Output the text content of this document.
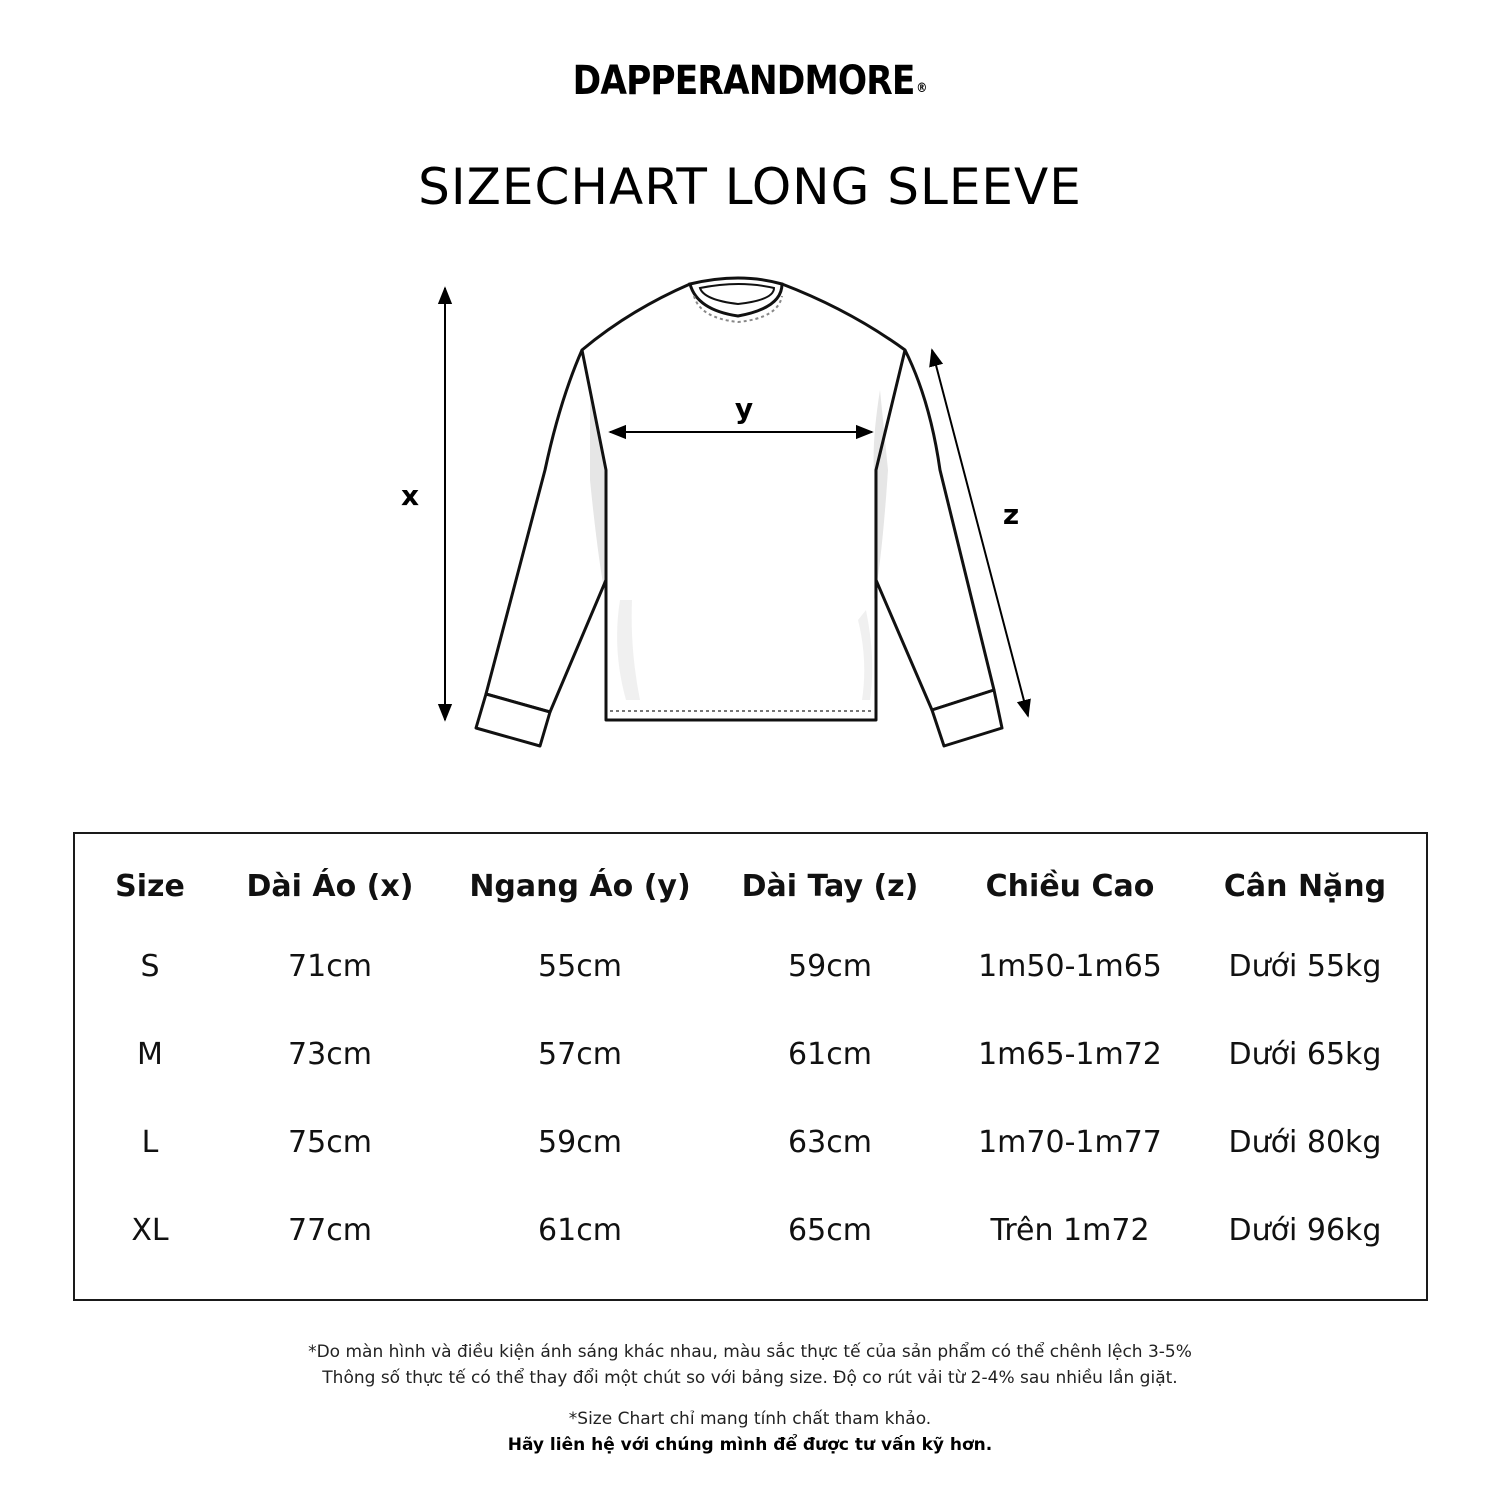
DAPPERANDMORE ®
SIZECHART LONG SLEEVE
x
y
z
Size	Dài Áo (x)	Ngang Áo (y)	Dài Tay (z)	Chiều Cao	Cân Nặng
S	71cm	55cm	59cm	1m50-1m65	Dưới 55kg
M	73cm	57cm	61cm	1m65-1m72	Dưới 65kg
L	75cm	59cm	63cm	1m70-1m77	Dưới 80kg
XL	77cm	61cm	65cm	Trên 1m72	Dưới 96kg
*Do màn hình và điều kiện ánh sáng khác nhau, màu sắc thực tế của sản phẩm có thể chênh lệch 3-5%
Thông số thực tế có thể thay đổi một chút so với bảng size. Độ co rút vải từ 2-4% sau nhiều lần giặt.
*Size Chart chỉ mang tính chất tham khảo.
Hãy liên hệ với chúng mình để được tư vấn kỹ hơn.
